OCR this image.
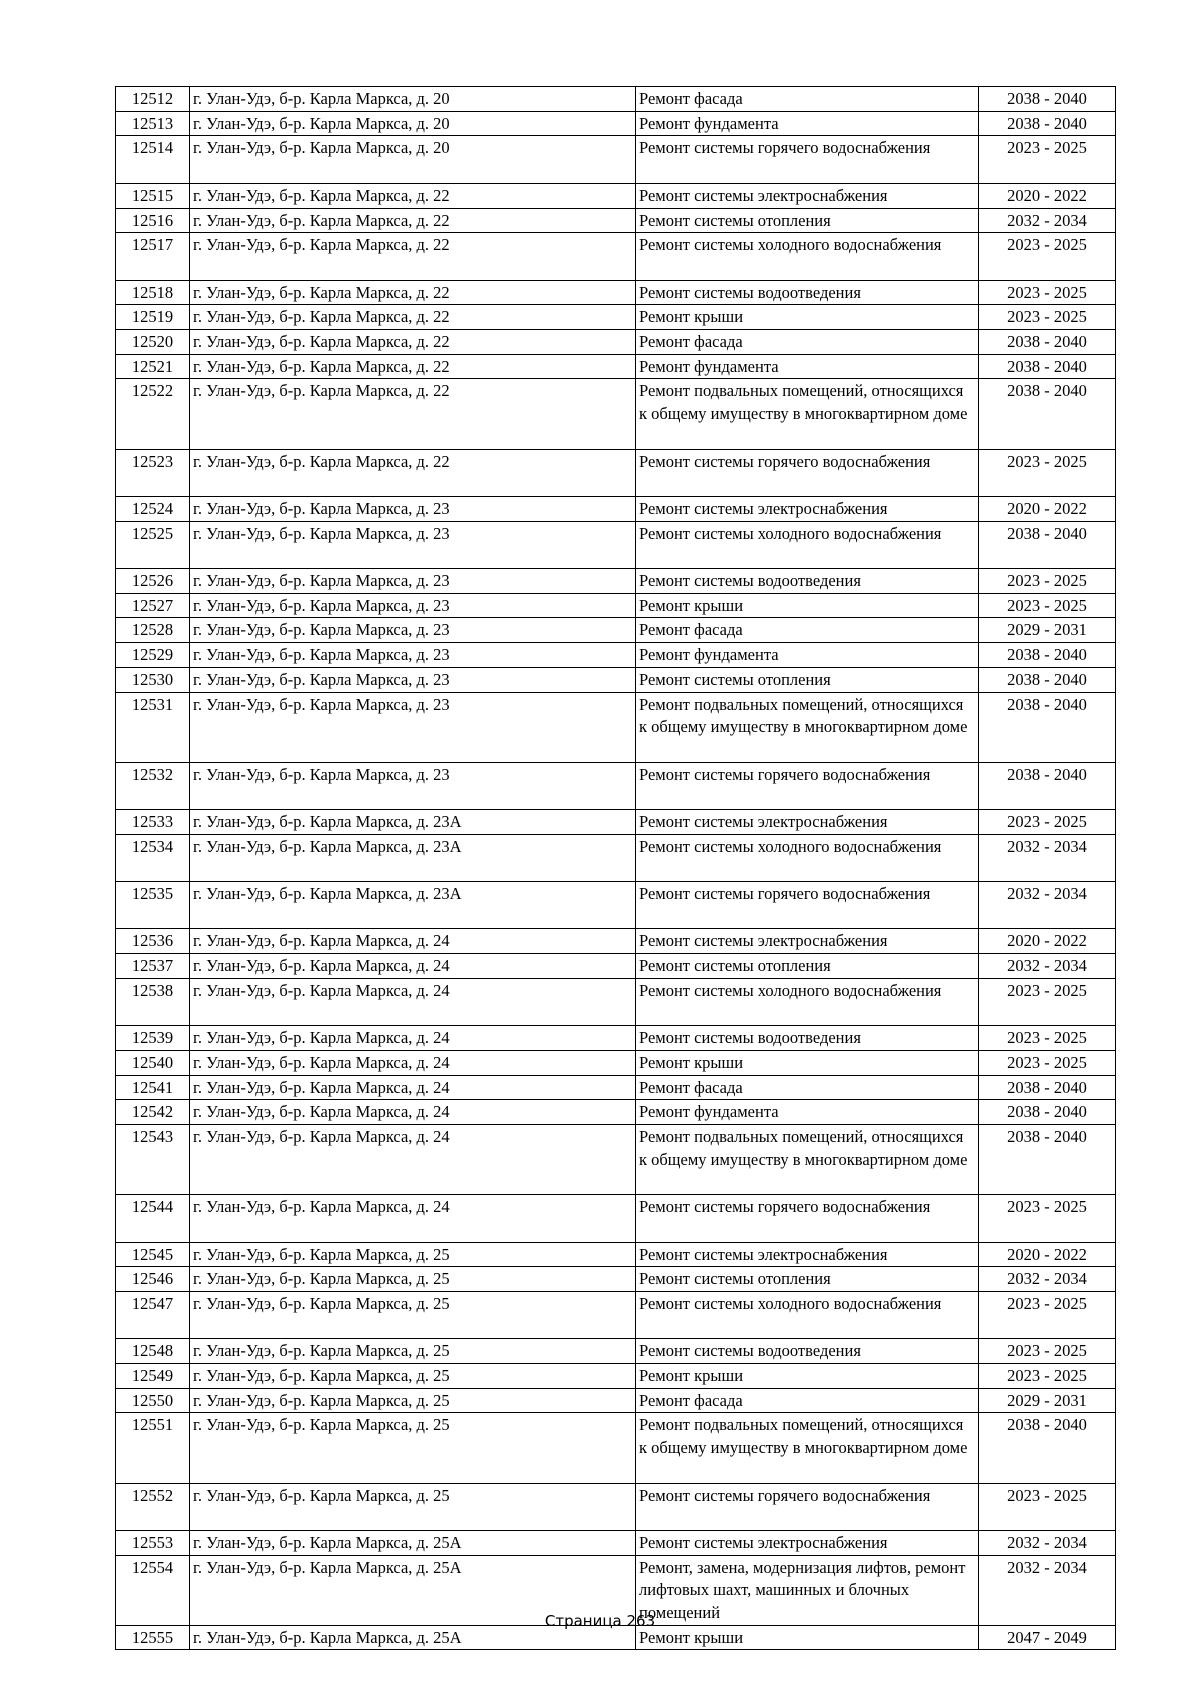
12512	г. Улан-Удэ, б-р. Карла Маркса, д. 20	Ремонт фасада	2038 - 2040
12513	г. Улан-Удэ, б-р. Карла Маркса, д. 20	Ремонт фундамента	2038 - 2040
12514	г. Улан-Удэ, б-р. Карла Маркса, д. 20	Ремонт системы горячего водоснабжения	2023 - 2025
12515	г. Улан-Удэ, б-р. Карла Маркса, д. 22	Ремонт системы электроснабжения	2020 - 2022
12516	г. Улан-Удэ, б-р. Карла Маркса, д. 22	Ремонт системы отопления	2032 - 2034
12517	г. Улан-Удэ, б-р. Карла Маркса, д. 22	Ремонт системы холодного водоснабжения	2023 - 2025
12518	г. Улан-Удэ, б-р. Карла Маркса, д. 22	Ремонт системы водоотведения	2023 - 2025
12519	г. Улан-Удэ, б-р. Карла Маркса, д. 22	Ремонт крыши	2023 - 2025
12520	г. Улан-Удэ, б-р. Карла Маркса, д. 22	Ремонт фасада	2038 - 2040
12521	г. Улан-Удэ, б-р. Карла Маркса, д. 22	Ремонт фундамента	2038 - 2040
12522	г. Улан-Удэ, б-р. Карла Маркса, д. 22	Ремонт подвальных помещений, относящихся к общему имуществу в многоквартирном доме	2038 - 2040
12523	г. Улан-Удэ, б-р. Карла Маркса, д. 22	Ремонт системы горячего водоснабжения	2023 - 2025
12524	г. Улан-Удэ, б-р. Карла Маркса, д. 23	Ремонт системы электроснабжения	2020 - 2022
12525	г. Улан-Удэ, б-р. Карла Маркса, д. 23	Ремонт системы холодного водоснабжения	2038 - 2040
12526	г. Улан-Удэ, б-р. Карла Маркса, д. 23	Ремонт системы водоотведения	2023 - 2025
12527	г. Улан-Удэ, б-р. Карла Маркса, д. 23	Ремонт крыши	2023 - 2025
12528	г. Улан-Удэ, б-р. Карла Маркса, д. 23	Ремонт фасада	2029 - 2031
12529	г. Улан-Удэ, б-р. Карла Маркса, д. 23	Ремонт фундамента	2038 - 2040
12530	г. Улан-Удэ, б-р. Карла Маркса, д. 23	Ремонт системы отопления	2038 - 2040
12531	г. Улан-Удэ, б-р. Карла Маркса, д. 23	Ремонт подвальных помещений, относящихся к общему имуществу в многоквартирном доме	2038 - 2040
12532	г. Улан-Удэ, б-р. Карла Маркса, д. 23	Ремонт системы горячего водоснабжения	2038 - 2040
12533	г. Улан-Удэ, б-р. Карла Маркса, д. 23А	Ремонт системы электроснабжения	2023 - 2025
12534	г. Улан-Удэ, б-р. Карла Маркса, д. 23А	Ремонт системы холодного водоснабжения	2032 - 2034
12535	г. Улан-Удэ, б-р. Карла Маркса, д. 23А	Ремонт системы горячего водоснабжения	2032 - 2034
12536	г. Улан-Удэ, б-р. Карла Маркса, д. 24	Ремонт системы электроснабжения	2020 - 2022
12537	г. Улан-Удэ, б-р. Карла Маркса, д. 24	Ремонт системы отопления	2032 - 2034
12538	г. Улан-Удэ, б-р. Карла Маркса, д. 24	Ремонт системы холодного водоснабжения	2023 - 2025
12539	г. Улан-Удэ, б-р. Карла Маркса, д. 24	Ремонт системы водоотведения	2023 - 2025
12540	г. Улан-Удэ, б-р. Карла Маркса, д. 24	Ремонт крыши	2023 - 2025
12541	г. Улан-Удэ, б-р. Карла Маркса, д. 24	Ремонт фасада	2038 - 2040
12542	г. Улан-Удэ, б-р. Карла Маркса, д. 24	Ремонт фундамента	2038 - 2040
12543	г. Улан-Удэ, б-р. Карла Маркса, д. 24	Ремонт подвальных помещений, относящихся к общему имуществу в многоквартирном доме	2038 - 2040
12544	г. Улан-Удэ, б-р. Карла Маркса, д. 24	Ремонт системы горячего водоснабжения	2023 - 2025
12545	г. Улан-Удэ, б-р. Карла Маркса, д. 25	Ремонт системы электроснабжения	2020 - 2022
12546	г. Улан-Удэ, б-р. Карла Маркса, д. 25	Ремонт системы отопления	2032 - 2034
12547	г. Улан-Удэ, б-р. Карла Маркса, д. 25	Ремонт системы холодного водоснабжения	2023 - 2025
12548	г. Улан-Удэ, б-р. Карла Маркса, д. 25	Ремонт системы водоотведения	2023 - 2025
12549	г. Улан-Удэ, б-р. Карла Маркса, д. 25	Ремонт крыши	2023 - 2025
12550	г. Улан-Удэ, б-р. Карла Маркса, д. 25	Ремонт фасада	2029 - 2031
12551	г. Улан-Удэ, б-р. Карла Маркса, д. 25	Ремонт подвальных помещений, относящихся к общему имуществу в многоквартирном доме	2038 - 2040
12552	г. Улан-Удэ, б-р. Карла Маркса, д. 25	Ремонт системы горячего водоснабжения	2023 - 2025
12553	г. Улан-Удэ, б-р. Карла Маркса, д. 25А	Ремонт системы электроснабжения	2032 - 2034
12554	г. Улан-Удэ, б-р. Карла Маркса, д. 25А	Ремонт, замена, модернизация лифтов, ремонт лифтовых шахт, машинных и блочных помещений	2032 - 2034
12555	г. Улан-Удэ, б-р. Карла Маркса, д. 25А	Ремонт крыши	2047 - 2049
Страница 263
